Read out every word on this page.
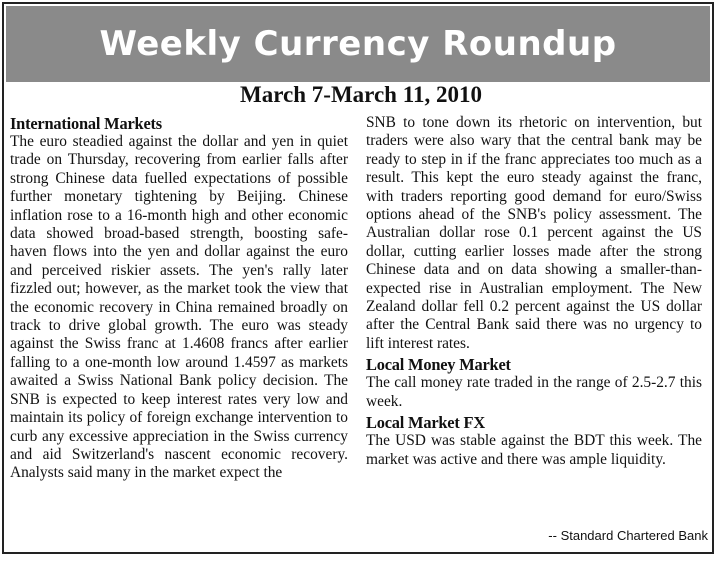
Weekly Currency Roundup
March 7-March 11, 2010
International Markets

The euro steadied against the dollar and yen in quiet trade on Thursday, recovering from earlier falls after strong Chinese data fuelled expectations of possible further monetary tightening by Beijing. Chinese inflation rose to a 16-month high and other economic data showed broad-based strength, boosting safe-haven flows into the yen and dollar against the euro and perceived riskier assets. The yen's rally later fizzled out; however, as the market took the view that the economic recovery in China remained broadly on track to drive global growth. The euro was steady against the Swiss franc at 1.4608 francs after earlier falling to a one-month low around 1.4597 as markets awaited a Swiss National Bank policy decision. The SNB is expected to keep interest rates very low and maintain its policy of foreign exchange intervention to curb any excessive appreciation in the Swiss currency and aid Switzerland's nascent economic recovery. Analysts said many in the market expect the

SNB to tone down its rhetoric on intervention, but traders were also wary that the central bank may be ready to step in if the franc appreciates too much as a result. This kept the euro steady against the franc, with traders reporting good demand for euro/Swiss options ahead of the SNB's policy assessment. The Australian dollar rose 0.1 percent against the US dollar, cutting earlier losses made after the strong Chinese data and on data showing a smaller-than-expected rise in Australian employment. The New Zealand dollar fell 0.2 percent against the US dollar after the Central Bank said there was no urgency to lift interest rates.

Local Money Market

The call money rate traded in the range of 2.5-2.7 this week.

Local Market FX

The USD was stable against the BDT this week. The market was active and there was ample liquidity.

-- Standard Chartered Bank
